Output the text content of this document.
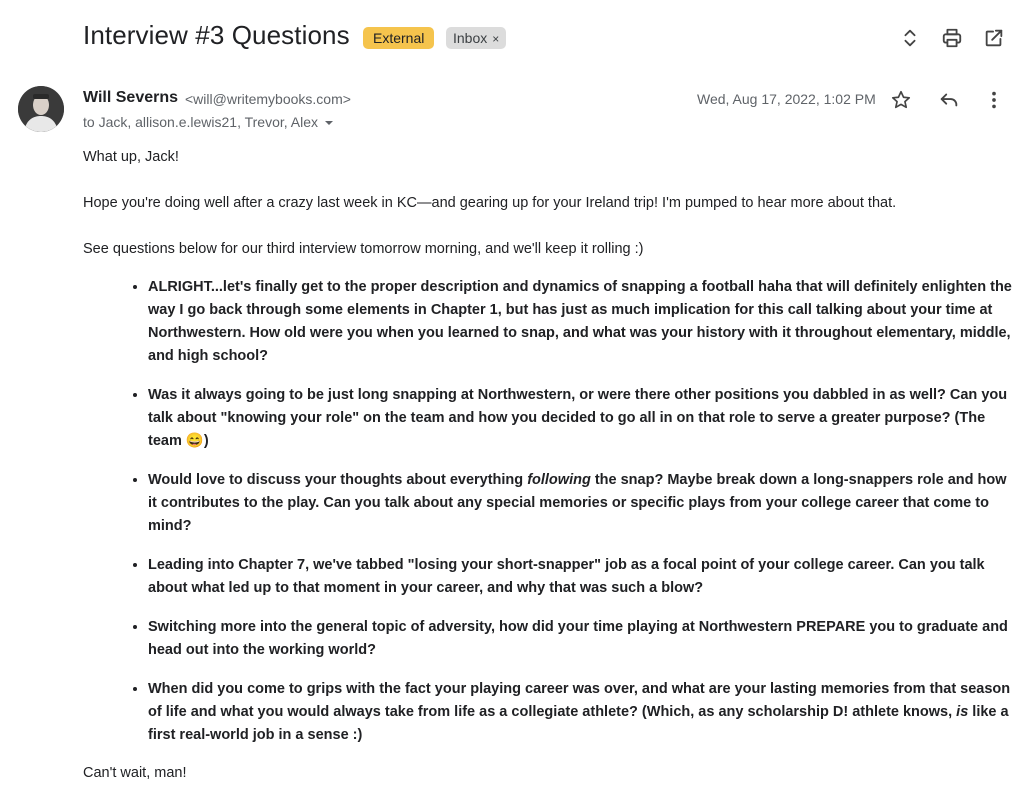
Interview #3 Questions	External	Inbox ×
Will Severns <will@writemybooks.com>
to Jack, allison.e.lewis21, Trevor, Alex
Wed, Aug 17, 2022, 1:02 PM

What up, Jack!

Hope you're doing well after a crazy last week in KC—and gearing up for your Ireland trip! I'm pumped to hear more about that.

See questions below for our third interview tomorrow morning, and we'll keep it rolling :)

• ALRIGHT...let's finally get to the proper description and dynamics of snapping a football haha that will definitely enlighten the way I go back through some elements in Chapter 1, but has just as much implication for this call talking about your time at Northwestern. How old were you when you learned to snap, and what was your history with it throughout elementary, middle, and high school?
• Was it always going to be just long snapping at Northwestern, or were there other positions you dabbled in as well? Can you talk about "knowing your role" on the team and how you decided to go all in on that role to serve a greater purpose? (The team 😄)
• Would love to discuss your thoughts about everything following the snap? Maybe break down a long-snappers role and how it contributes to the play. Can you talk about any special memories or specific plays from your college career that come to mind?
• Leading into Chapter 7, we've tabbed "losing your short-snapper" job as a focal point of your college career. Can you talk about what led up to that moment in your career, and why that was such a blow?
• Switching more into the general topic of adversity, how did your time playing at Northwestern PREPARE you to graduate and head out into the working world?
• When did you come to grips with the fact your playing career was over, and what are your lasting memories from that season of life and what you would always take from life as a collegiate athlete? (Which, as any scholarship D! athlete knows, is like a first real-world job in a sense :)

Can't wait, man!
